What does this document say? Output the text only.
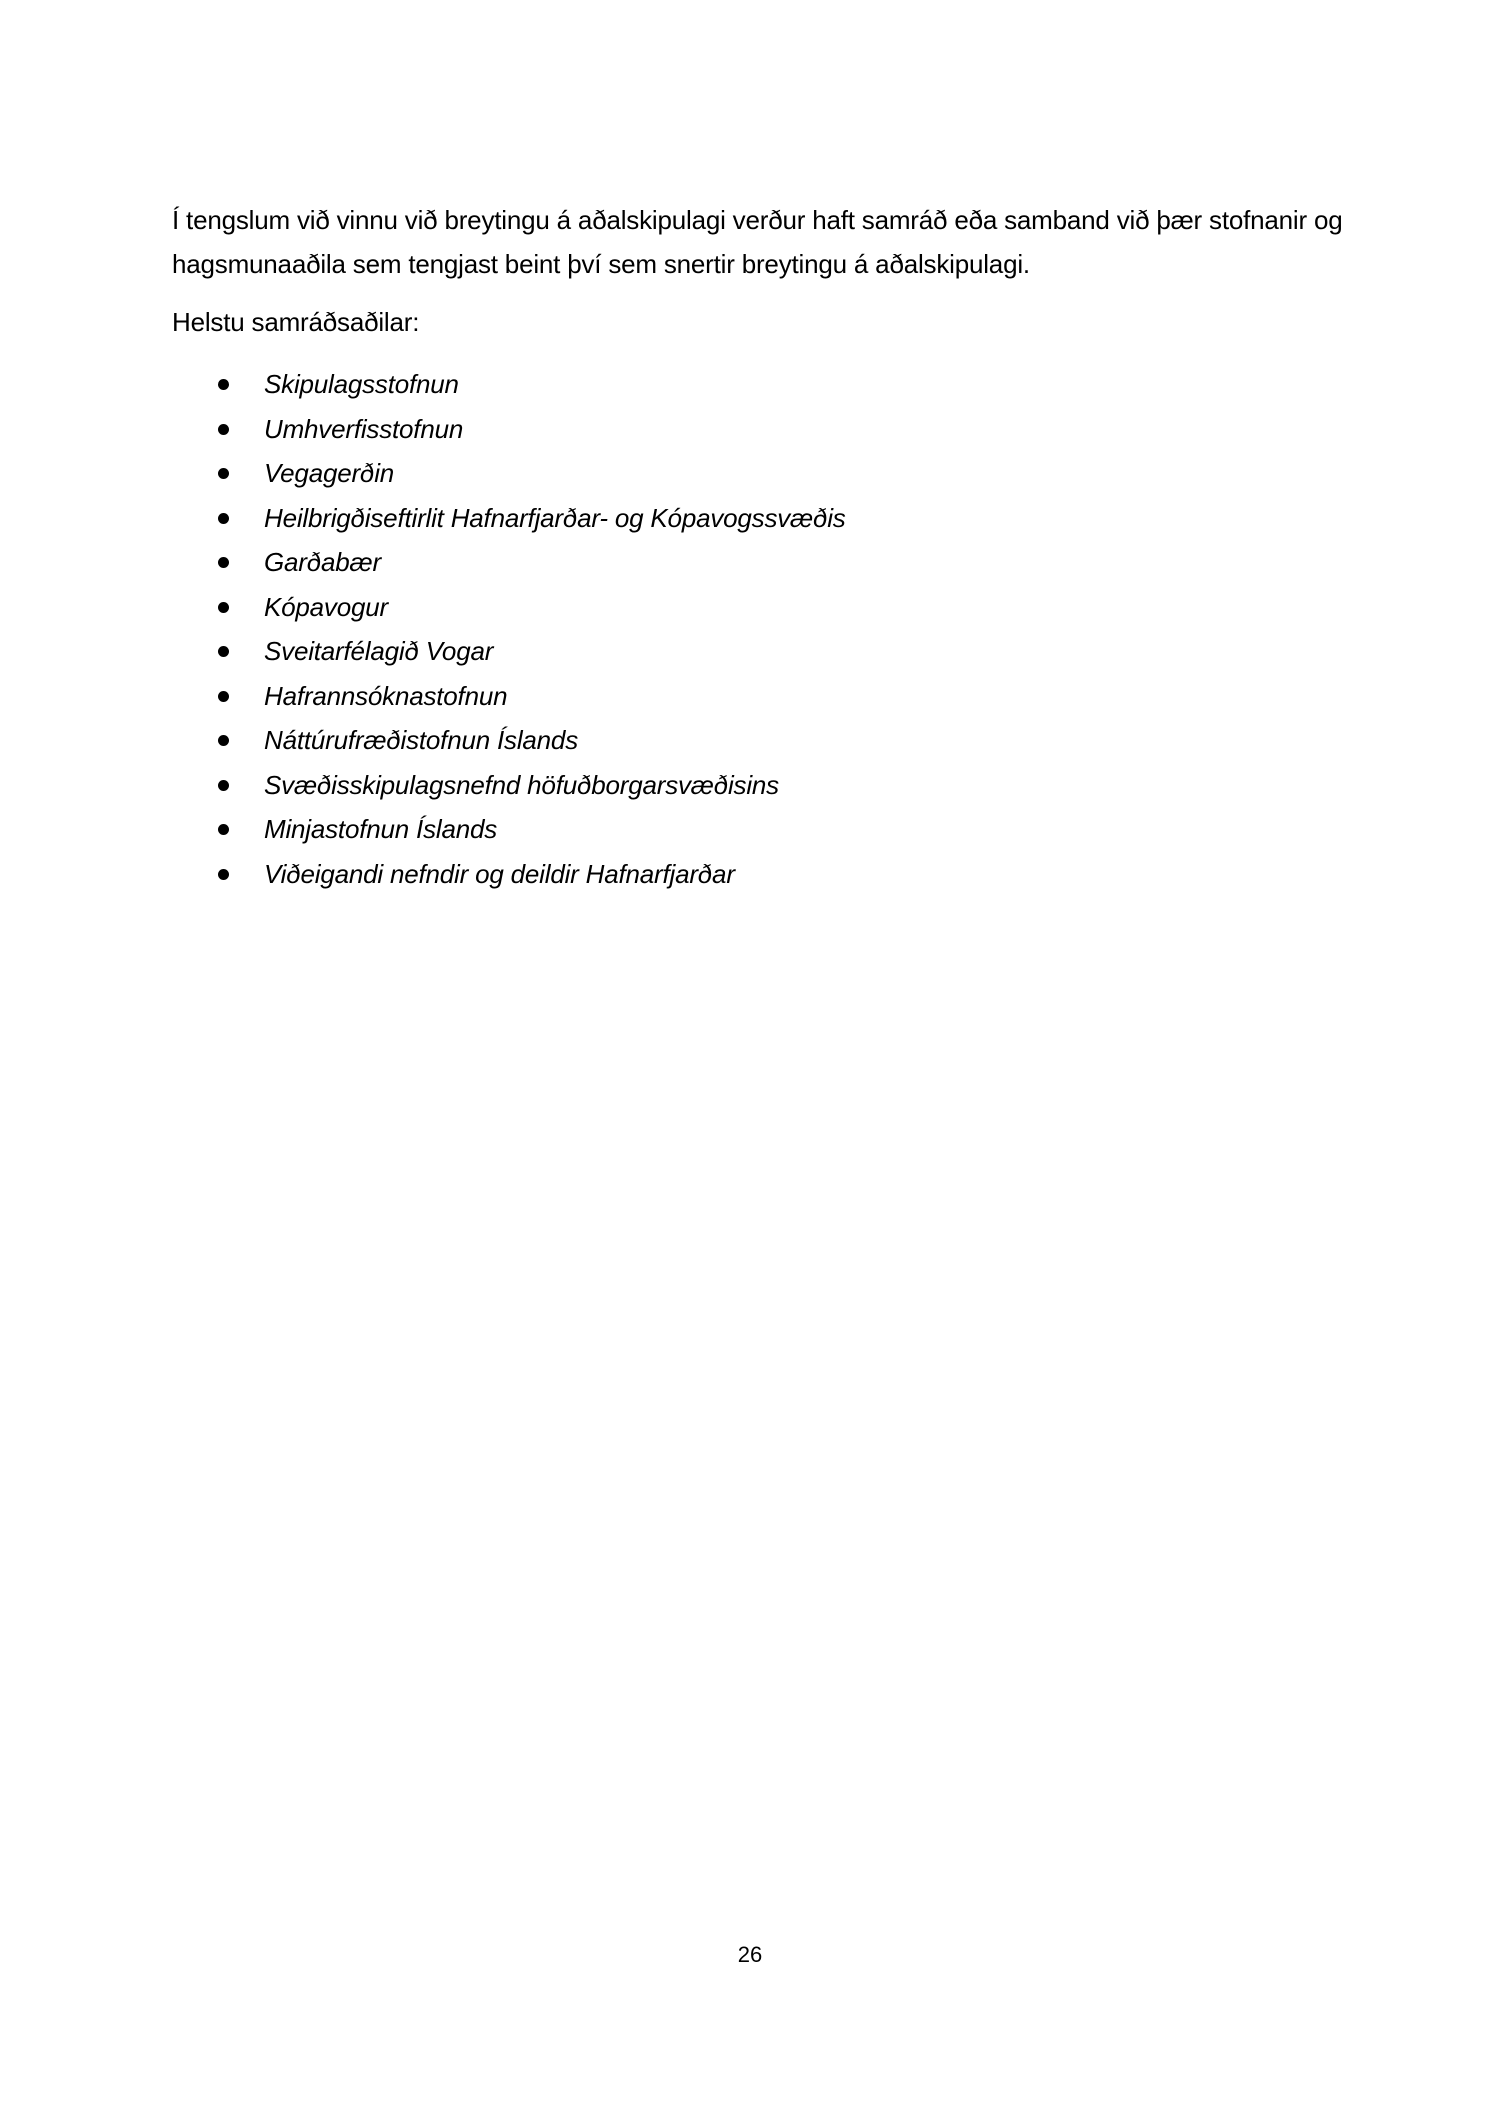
Í tengslum við vinnu við breytingu á aðalskipulagi verður haft samráð eða samband við þær stofnanir og hagsmunaaðila sem tengjast beint því sem snertir breytingu á aðalskipulagi.

Helstu samráðsaðilar:

Skipulagsstofnun
Umhverfisstofnun
Vegagerðin
Heilbrigðiseftirlit Hafnarfjarðar- og Kópavogssvæðis
Garðabær
Kópavogur
Sveitarfélagið Vogar
Hafrannsóknastofnun
Náttúrufræðistofnun Íslands
Svæðisskipulagsnefnd höfuðborgarsvæðisins
Minjastofnun Íslands
Viðeigandi nefndir og deildir Hafnarfjarðar
26
